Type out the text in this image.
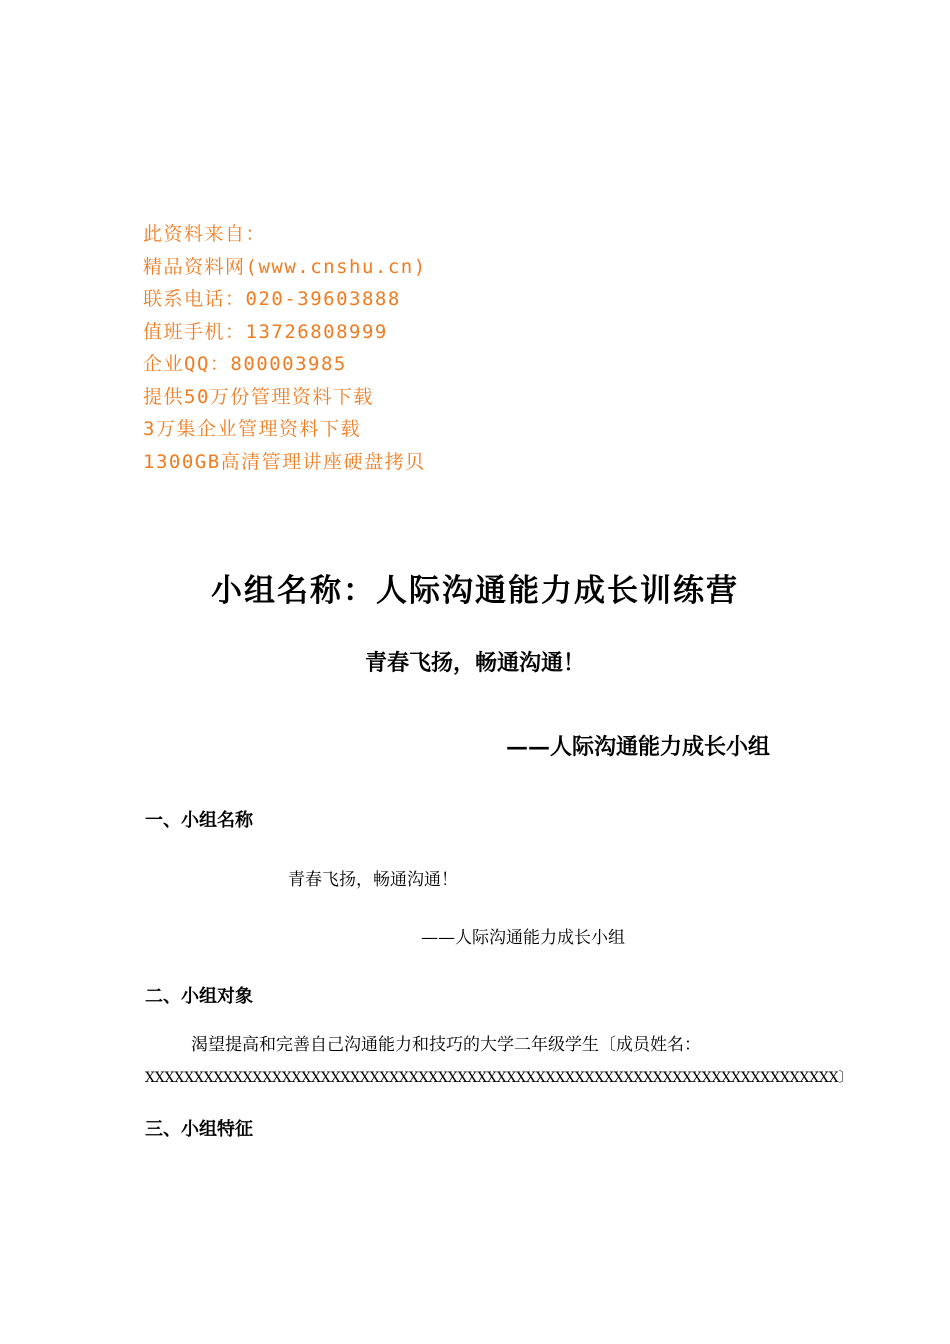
此资料来自：
精品资料网(www.cnshu.cn)
联系电话：020-39603888
值班手机：13726808999
企业QQ：800003985
提供50万份管理资料下载
3万集企业管理资料下载
1300GB高清管理讲座硬盘拷贝
小组名称：人际沟通能力成长训练营
青春飞扬，畅通沟通！
——人际沟通能力成长小组
一、小组名称
青春飞扬，畅通沟通！
——人际沟通能力成长小组
二、小组对象
渴望提高和完善自己沟通能力和技巧的大学二年级学生〔成员姓名：
XXXXXXXXXXXXXXXXXXXXXXXXXXXXXXXXXXXXXXXXXXXXXXXXXXXXXXXXXXXXXXXXXXXXXXX〕
三、小组特征
